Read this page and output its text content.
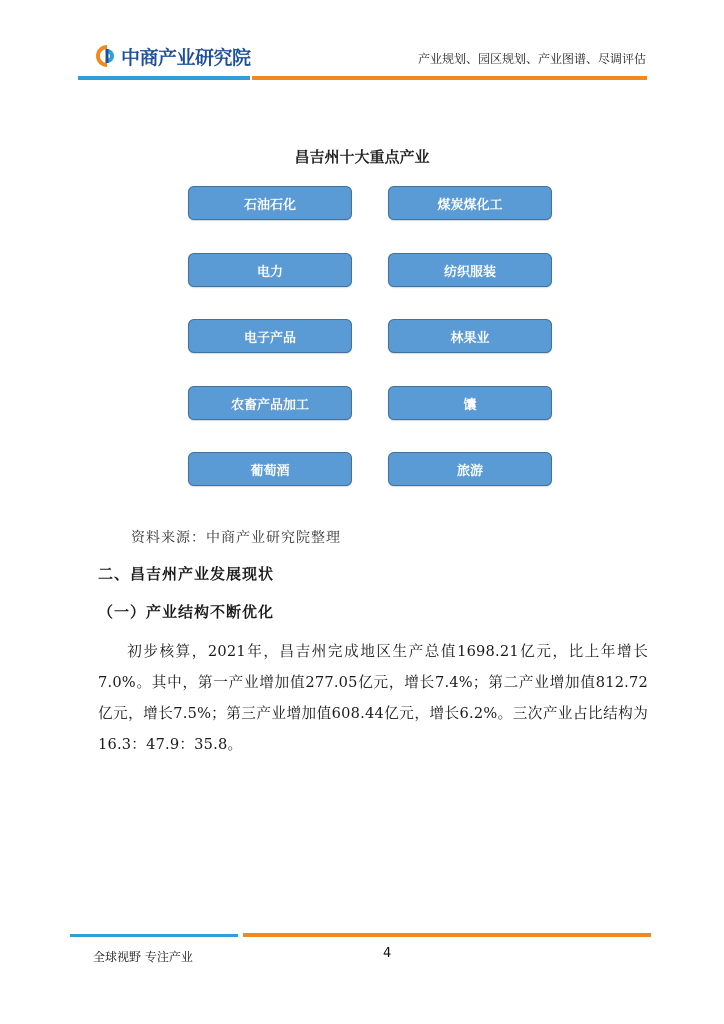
中商产业研究院	产业规划、园区规划、产业图谱、尽调评估
昌吉州十大重点产业
石油石化
电力
电子产品
农畜产品加工
葡萄酒
煤炭煤化工
纺织服装
林果业
馕
旅游
资料来源：中商产业研究院整理
二、昌吉州产业发展现状
（一）产业结构不断优化
初步核算，2021年，昌吉州完成地区生产总值1698.21亿元，比上年增长7.0%。其中，第一产业增加值277.05亿元，增长7.4%；第二产业增加值812.72亿元，增长7.5%；第三产业增加值608.44亿元，增长6.2%。三次产业占比结构为16.3：47.9：35.8。
全球视野 专注产业	4
